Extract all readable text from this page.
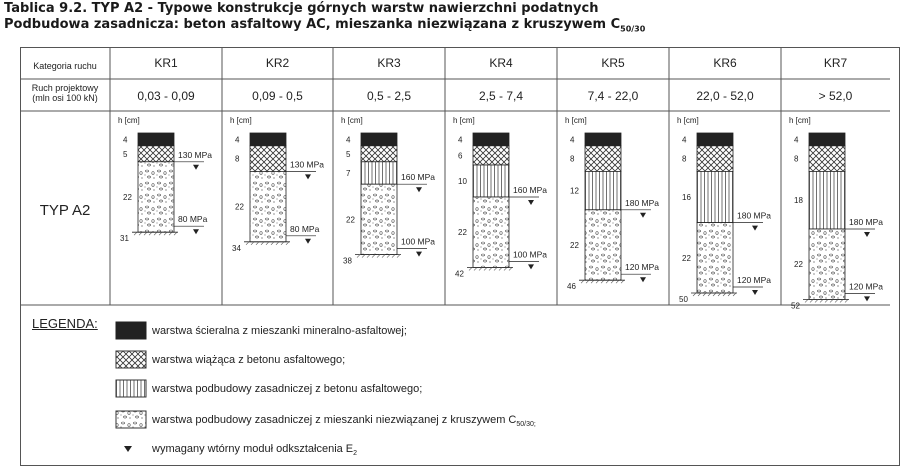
Tablica 9.2. TYP A2 - Typowe konstrukcje górnych warstw nawierzchni podatnych
Podbudowa zasadnicza: beton asfaltowy AC, mieszanka niezwiązana z kruszywem $C_{50/30}$
h [cm]
4
5
22
31
130 MPa
80 MPa
h [cm]
4
8
22
34
130 MPa
80 MPa
h [cm]
4
5
7
22
38
160 MPa
100 MPa
h [cm]
4
6
10
22
42
160 MPa
100 MPa
h [cm]
4
8
12
22
46
180 MPa
120 MPa
h [cm]
4
8
16
22
50
180 MPa
120 MPa
h [cm]
4
8
18
22
52
180 MPa
120 MPa
Kategoria ruchu
Ruch projektowy
(mln osi 100 kN)
TYP A2
KR1
0,03 - 0,09
KR2
0,09 - 0,5
KR3
0,5 - 2,5
KR4
2,5 - 7,4
KR5
7,4 - 22,0
KR6
22,0 - 52,0
KR7
> 52,0
LEGENDA:	warstwa ścieralna z mieszanki mineralno-asfaltowej;
warstwa wiążąca z betonu asfaltowego;
warstwa podbudowy zasadniczej z betonu asfaltowego;
warstwa podbudowy zasadniczej z mieszanki niezwiązanej z kruszywem $C_{50/30;}$
wymagany wtórny moduł odkształcenia $E_2$
